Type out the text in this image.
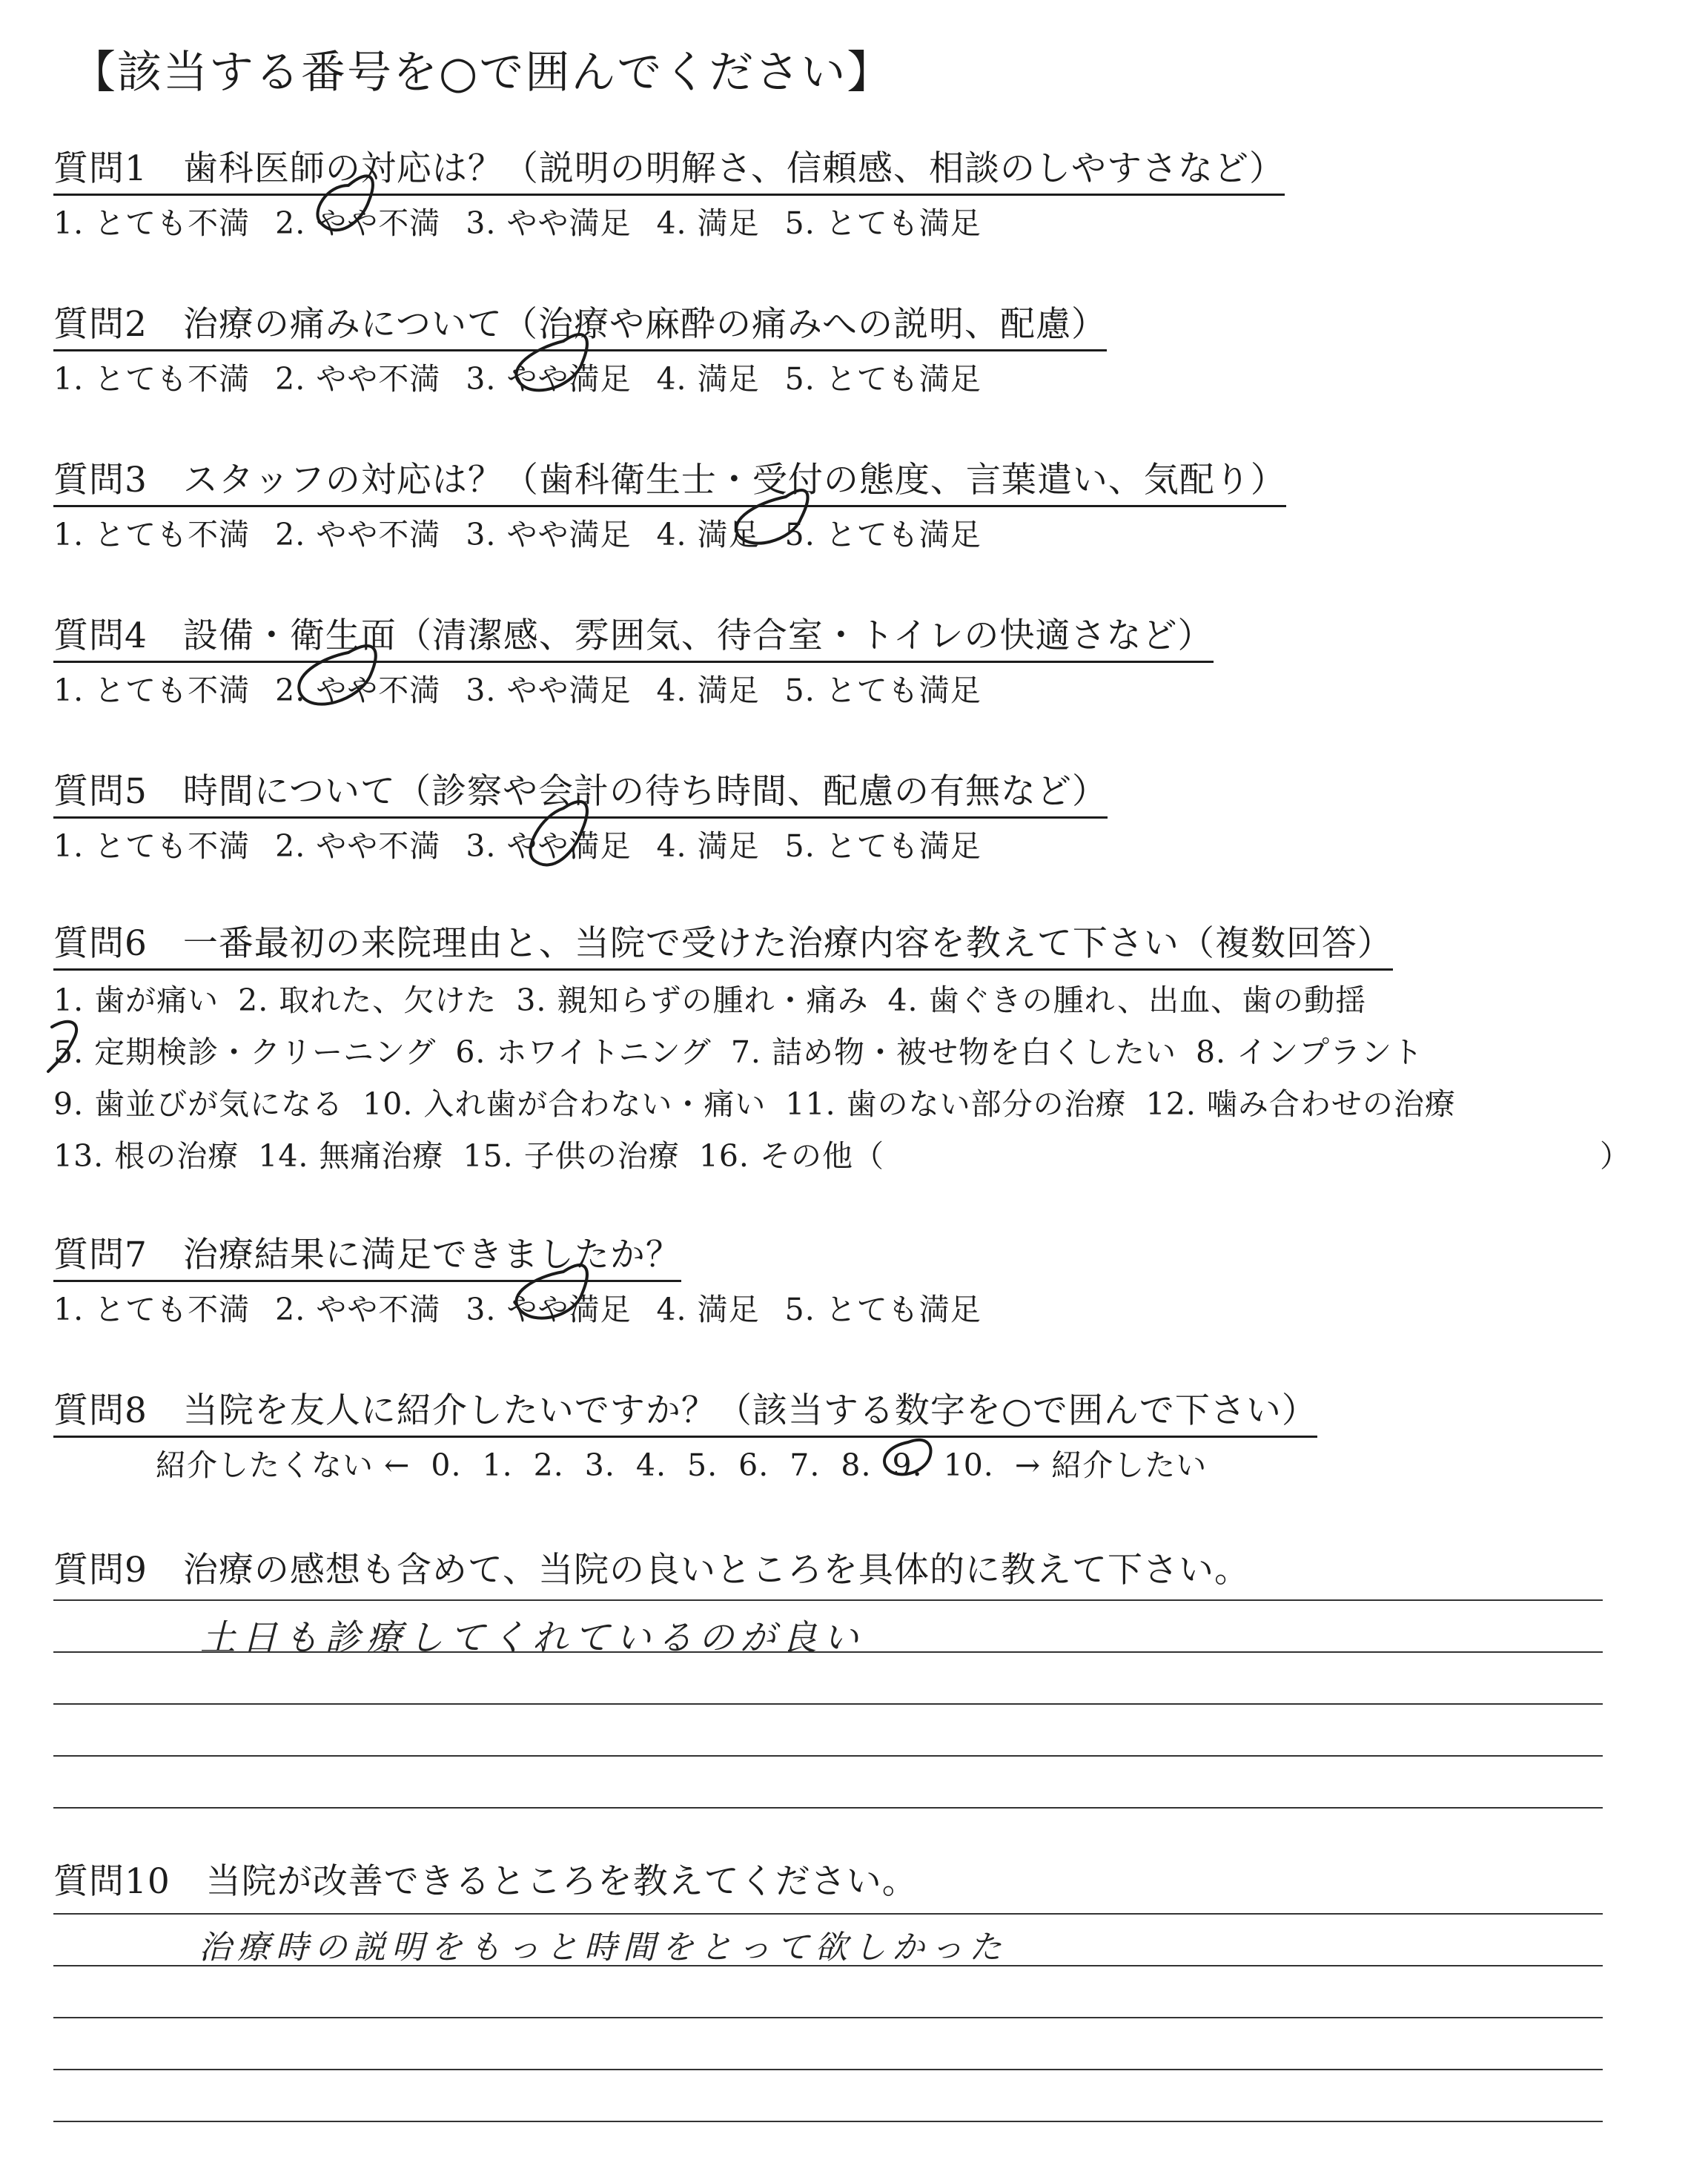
【該当する番号を○で囲んでください】
質問1　歯科医師の対応は？（説明の明解さ、信頼感、相談のしやすさなど）
1. とても不満 2. やや不満 3. やや満足 4. 満足 5. とても満足
質問2　治療の痛みについて（治療や麻酔の痛みへの説明、配慮）
1. とても不満 2. やや不満 3. やや満足 4. 満足 5. とても満足
質問3　スタッフの対応は？（歯科衛生士・受付の態度、言葉遣い、気配り）
1. とても不満 2. やや不満 3. やや満足 4. 満足 5. とても満足
質問4　設備・衛生面（清潔感、雰囲気、待合室・トイレの快適さなど）
1. とても不満 2. やや不満 3. やや満足 4. 満足 5. とても満足
質問5　時間について（診察や会計の待ち時間、配慮の有無など）
1. とても不満 2. やや不満 3. やや満足 4. 満足 5. とても満足
質問6　一番最初の来院理由と、当院で受けた治療内容を教えて下さい（複数回答）
1. 歯が痛い 2. 取れた、欠けた 3. 親知らずの腫れ・痛み 4. 歯ぐきの腫れ、出血、歯の動揺
5. 定期検診・クリーニング 6. ホワイトニング 7. 詰め物・被せ物を白くしたい 8. インプラント
9. 歯並びが気になる 10. 入れ歯が合わない・痛い 11. 歯のない部分の治療 12. 噛み合わせの治療
13. 根の治療 14. 無痛治療 15. 子供の治療 16. その他（	）
質問7　治療結果に満足できましたか？
1. とても不満 2. やや不満 3. やや満足 4. 満足 5. とても満足
質問8　当院を友人に紹介したいですか？（該当する数字を○で囲んで下さい）
紹介したくない ← 0. 1. 2. 3. 4. 5. 6. 7. 8. 9. 10. → 紹介したい
質問9　治療の感想も含めて、当院の良いところを具体的に教えて下さい。
土日も診療してくれているのが良い
質問10　当院が改善できるところを教えてください。
治療時の説明をもっと時間をとって欲しかった
